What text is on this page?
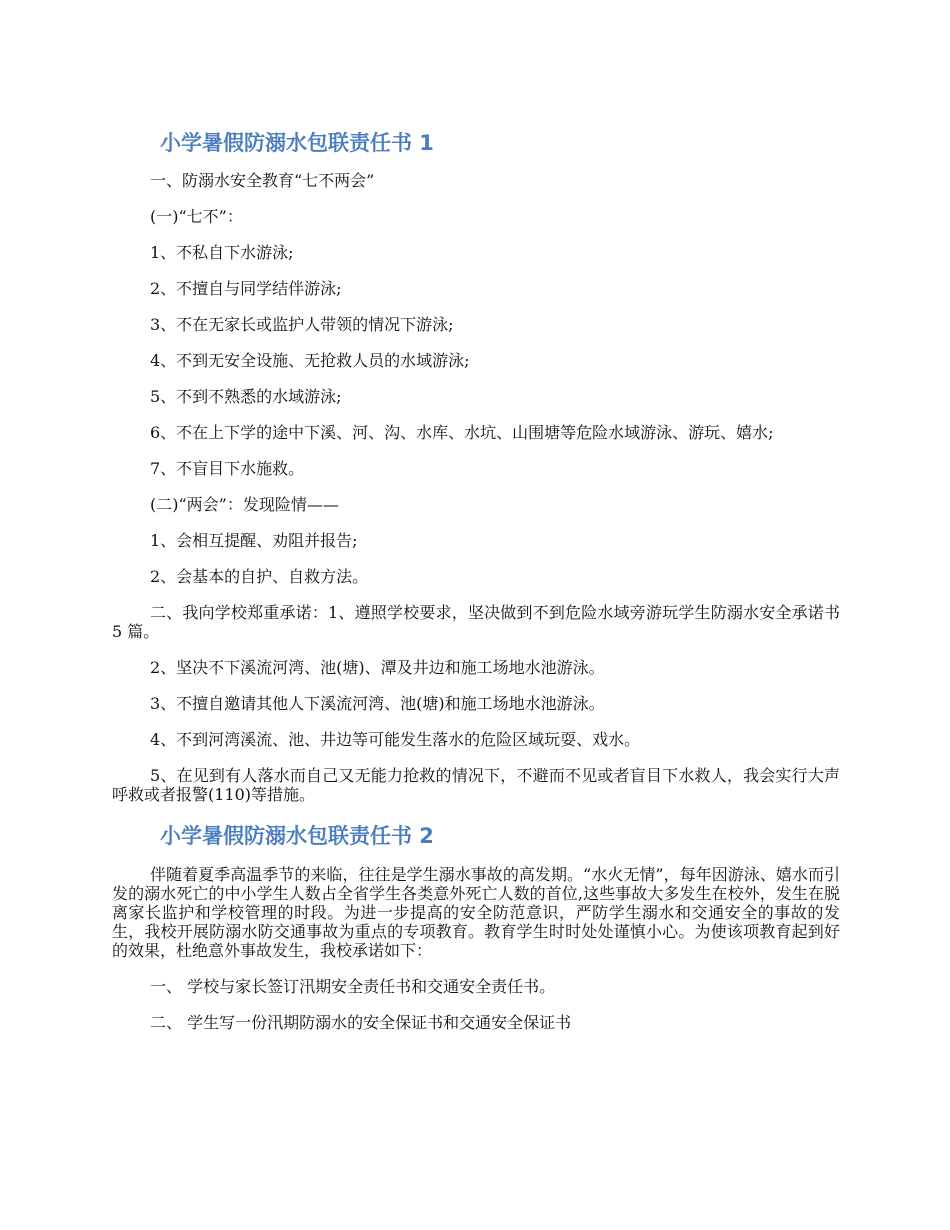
小学暑假防溺水包联责任书 1
一、防溺水安全教育“七不两会”
(一)“七不”：
1、不私自下水游泳;
2、不擅自与同学结伴游泳;
3、不在无家长或监护人带领的情况下游泳;
4、不到无安全设施、无抢救人员的水域游泳;
5、不到不熟悉的水域游泳;
6、不在上下学的途中下溪、河、沟、水库、水坑、山围塘等危险水域游泳、游玩、嬉水;
7、不盲目下水施救。
(二)“两会”：发现险情——
1、会相互提醒、劝阻并报告;
2、会基本的自护、自救方法。
二、我向学校郑重承诺：1、遵照学校要求，坚决做到不到危险水域旁游玩学生防溺水安全承诺书 5 篇。
2、坚决不下溪流河湾、池(塘)、潭及井边和施工场地水池游泳。
3、不擅自邀请其他人下溪流河湾、池(塘)和施工场地水池游泳。
4、不到河湾溪流、池、井边等可能发生落水的危险区域玩耍、戏水。
5、在见到有人落水而自己又无能力抢救的情况下，不避而不见或者盲目下水救人，我会实行大声呼救或者报警(110)等措施。
小学暑假防溺水包联责任书 2
伴随着夏季高温季节的来临，往往是学生溺水事故的高发期。“水火无情”，每年因游泳、嬉水而引发的溺水死亡的中小学生人数占全省学生各类意外死亡人数的首位,这些事故大多发生在校外，发生在脱离家长监护和学校管理的时段。为进一步提高的安全防范意识，严防学生溺水和交通安全的事故的发生，我校开展防溺水防交通事故为重点的专项教育。教育学生时时处处谨慎小心。为使该项教育起到好的效果，杜绝意外事故发生，我校承诺如下：
一、 学校与家长签订汛期安全责任书和交通安全责任书。
二、 学生写一份汛期防溺水的安全保证书和交通安全保证书
